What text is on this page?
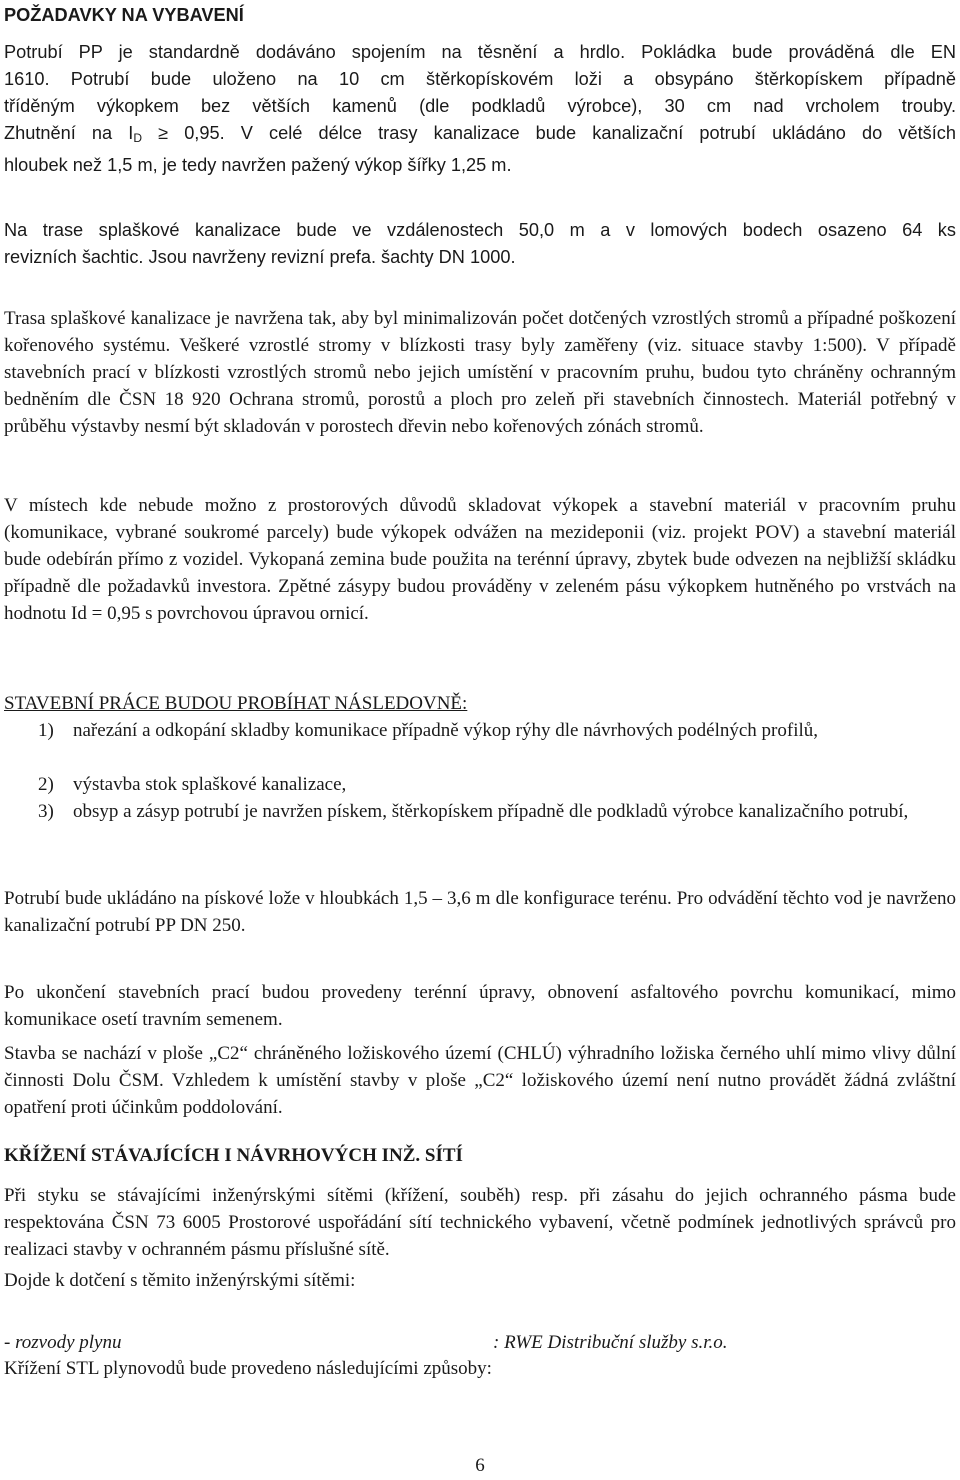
POŽADAVKY NA VYBAVENÍ
Potrubí PP je standardně dodáváno spojením na těsnění a hrdlo. Pokládka bude prováděná dle EN
1610. Potrubí bude uloženo na 10 cm štěrkopískovém loži a obsypáno štěrkopískem případně
tříděným výkopkem bez větších kamenů (dle podkladů výrobce), 30 cm nad vrcholem trouby.
Zhutnění na $I_D \ge 0,95$. V celé délce trasy kanalizace bude kanalizační potrubí ukládáno do větších
hloubek než 1,5 m, je tedy navržen pažený výkop šířky 1,25 m.
Na trase splaškové kanalizace bude ve vzdálenostech 50,0 m a v lomových bodech osazeno 64 ks
revizních šachtic. Jsou navrženy revizní prefa. šachty DN 1000.
Trasa splaškové kanalizace je navržena tak, aby byl minimalizován počet dotčených vzrostlých stromů a případné poškození kořenového systému. Veškeré vzrostlé stromy v blízkosti trasy byly zaměřeny (viz. situace stavby 1:500). V případě stavebních prací v blízkosti vzrostlých stromů nebo jejich umístění v pracovním pruhu, budou tyto chráněny ochranným bedněním dle ČSN 18 920 Ochrana stromů, porostů a ploch pro zeleň při stavebních činnostech. Materiál potřebný v průběhu výstavby nesmí být skladován v porostech dřevin nebo kořenových zónách stromů.
V místech kde nebude možno z prostorových důvodů skladovat výkopek a stavební materiál v pracovním pruhu (komunikace, vybrané soukromé parcely) bude výkopek odvážen na mezideponii (viz. projekt POV) a stavební materiál bude odebírán přímo z vozidel. Vykopaná zemina bude použita na terénní úpravy, zbytek bude odvezen na nejbližší skládku případně dle požadavků investora. Zpětné zásypy budou prováděny v zeleném pásu výkopkem hutněného po vrstvách na hodnotu Id = 0,95 s povrchovou úpravou ornicí.
STAVEBNÍ PRÁCE BUDOU PROBÍHAT NÁSLEDOVNĚ:
1) nařezání a odkopání skladby komunikace případně výkop rýhy dle návrhových podélných profilů,
2) výstavba stok splaškové kanalizace,
3) obsyp a zásyp potrubí je navržen pískem, štěrkopískem případně dle podkladů výrobce kanalizačního potrubí,
Potrubí bude ukládáno na pískové lože v hloubkách 1,5 – 3,6 m dle konfigurace terénu. Pro odvádění těchto vod je navrženo kanalizační potrubí PP DN 250.
Po ukončení stavebních prací budou provedeny terénní úpravy, obnovení asfaltového povrchu komunikací, mimo komunikace osetí travním semenem.
Stavba se nachází v ploše „C2“ chráněného ložiskového území (CHLÚ) výhradního ložiska černého uhlí mimo vlivy důlní činnosti Dolu ČSM. Vzhledem k umístění stavby v ploše „C2“ ložiskového území není nutno provádět žádná zvláštní opatření proti účinkům poddolování.
KŘÍŽENÍ STÁVAJÍCÍCH I NÁVRHOVÝCH INŽ. SÍTÍ
Při styku se stávajícími inženýrskými sítěmi (křížení, souběh) resp. při zásahu do jejich ochranného pásma bude respektována ČSN 73 6005 Prostorové uspořádání sítí technického vybavení, včetně podmínek jednotlivých správců pro realizaci stavby v ochranném pásmu příslušné sítě.
Dojde k dotčení s těmito inženýrskými sítěmi:
- rozvody plynu	: RWE Distribuční služby s.r.o.
Křížení STL plynovodů bude provedeno následujícími způsoby:
6
